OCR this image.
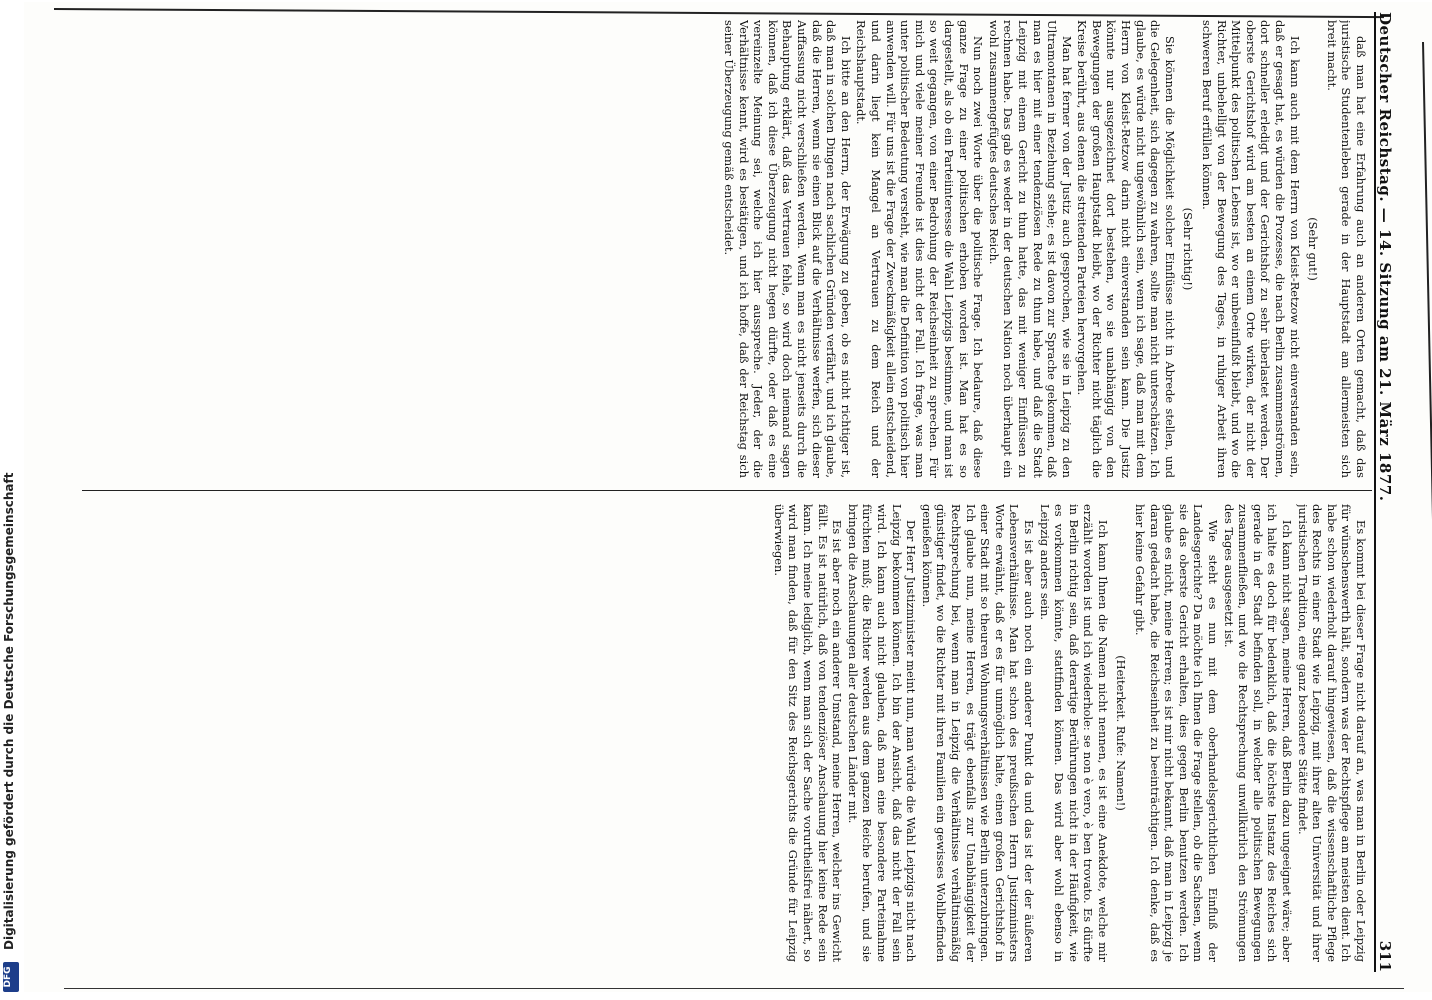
Digitalisierung gefördert durch die Deutsche Forschungsgemeinschaft
DFG
Deutscher Reichstag. — 14. Sitzung am 21. März 1877.
311

daß man hat eine Erfahrung auch an anderen Orten gemacht, daß das juristische Studentenleben gerade in der Hauptstadt am allermeisten sich breit macht.

(Sehr gut!)

Ich kann auch mit dem Herrn von Kleist-Retzow nicht einverstanden sein, daß er gesagt hat, es würden die Prozesse, die nach Berlin zusammenströmen, dort schneller erledigt und der Gerichtshof zu sehr überlastet werden. Der oberste Gerichtshof wird am besten an einem Orte wirken, der nicht der Mittelpunkt des politischen Lebens ist, wo er unbeeinflußt bleibt, und wo die Richter, unbehelligt von der Bewegung des Tages, in ruhiger Arbeit ihren schweren Beruf erfüllen können.

(Sehr richtig!)

Sie können die Möglichkeit solcher Einflüsse nicht in Abrede stellen, und die Gelegenheit, sich dagegen zu wahren, sollte man nicht unterschätzen. Ich glaube, es würde nicht ungewöhnlich sein, wenn ich sage, daß man mit dem Herrn von Kleist-Retzow darin nicht einverstanden sein kann. Die Justiz könnte nur ausgezeichnet dort bestehen, wo sie unabhängig von den Bewegungen der großen Hauptstadt bleibt, wo der Richter nicht täglich die Kreise berührt, aus denen die streitenden Parteien hervorgehen.

Man hat ferner von der Justiz auch gesprochen, wie sie in Leipzig zu den Ultramontanen in Beziehung stehe; es ist davon zur Sprache gekommen, daß man es hier mit einer tendenziösen Rede zu thun habe, und daß die Stadt Leipzig mit einem Gericht zu thun hatte, das mit weniger Einflüssen zu rechnen habe. Das gab es weder in der deutschen Nation noch überhaupt ein wohl zusammengefügtes deutsches Reich.

Nun noch zwei Worte über die politische Frage. Ich bedaure, daß diese ganze Frage zu einer politischen erhoben worden ist. Man hat es so dargestellt, als ob ein Parteiinteresse die Wahl Leipzigs bestimme, und man ist so weit gegangen, von einer Bedrohung der Reichseinheit zu sprechen. Für mich und viele meiner Freunde ist dies nicht der Fall. Ich frage, was man unter politischer Bedeutung versteht, wie man die Definition von politisch hier anwenden will. Für uns ist die Frage der Zweckmäßigkeit allein entscheidend, und darin liegt kein Mangel an Vertrauen zu dem Reich und der Reichshauptstadt.

Ich bitte an den Herrn, der Erwägung zu geben, ob es nicht richtiger ist, daß man in solchen Dingen nach sachlichen Gründen verfährt, und ich glaube, daß die Herren, wenn sie einen Blick auf die Verhältnisse werfen, sich dieser Auffassung nicht verschließen werden. Wenn man es nicht jenseits durch die Behauptung erklärt, daß das Vertrauen fehle, so wird doch niemand sagen können, daß ich diese Überzeugung nicht hegen dürfte, oder daß es eine vereinzelte Meinung sei, welche ich hier ausspreche. Jeder, der die Verhältnisse kennt, wird es bestätigen, und ich hoffe, daß der Reichstag sich seiner Überzeugung gemäß entscheidet.

Es kommt bei dieser Frage nicht darauf an, was man in Berlin oder Leipzig für wünschenswerth hält, sondern was der Rechtspflege am meisten dient. Ich habe schon wiederholt darauf hingewiesen, daß die wissenschaftliche Pflege des Rechts in einer Stadt wie Leipzig, mit ihrer alten Universität und ihrer juristischen Tradition, eine ganz besondere Stätte findet.

Ich kann nicht sagen, meine Herren, daß Berlin dazu ungeeignet wäre; aber ich halte es doch für bedenklich, daß die höchste Instanz des Reiches sich gerade in der Stadt befinden soll, in welcher alle politischen Bewegungen zusammenfließen, und wo die Rechtsprechung unwillkürlich den Strömungen des Tages ausgesetzt ist.

Wie steht es nun mit dem oberhandelsgerichtlichen Einfluß der Landesgerichte? Da möchte ich Ihnen die Frage stellen, ob die Sachsen, wenn sie das oberste Gericht erhalten, dies gegen Berlin benutzen werden. Ich glaube es nicht, meine Herren; es ist mir nicht bekannt, daß man in Leipzig je daran gedacht habe, die Reichseinheit zu beeinträchtigen. Ich denke, daß es hier keine Gefahr gibt.

(Heiterkeit. Rufe: Namen!)

Ich kann Ihnen die Namen nicht nennen, es ist eine Anekdote, welche mir erzählt worden ist und ich wiederhole: se non è vero, è ben trovato. Es dürfte in Berlin richtig sein, daß derartige Berührungen nicht in der Häufigkeit, wie es vorkommen könnte, stattfinden können. Das wird aber wohl ebenso in Leipzig anders sein.

Es ist aber auch noch ein anderer Punkt da und das ist der der äußeren Lebensverhältnisse. Man hat schon des preußischen Herrn Justizministers Worte erwähnt, daß er es für unmöglich halte, einen großen Gerichtshof in einer Stadt mit so theuren Wohnungsverhältnissen wie Berlin unterzubringen. Ich glaube nun, meine Herren, es trägt ebenfalls zur Unabhängigkeit der Rechtsprechung bei, wenn man in Leipzig die Verhältnisse verhältnismäßig günstiger findet, wo die Richter mit ihren Familien ein gewisses Wohlbefinden genießen können.

Der Herr Justizminister meint nun, man würde die Wahl Leipzigs nicht nach Leipzig bekommen können. Ich bin der Ansicht, daß das nicht der Fall sein wird. Ich kann auch nicht glauben, daß man eine besondere Parteinahme fürchten muß; die Richter werden aus dem ganzen Reiche berufen, und sie bringen die Anschauungen aller deutschen Länder mit.

Es ist aber noch ein anderer Umstand, meine Herren, welcher ins Gewicht fällt. Es ist natürlich, daß von tendenziöser Anschauung hier keine Rede sein kann. Ich meine lediglich, wenn man sich der Sache vorurtheilsfrei nähert, so wird man finden, daß für den Sitz des Reichsgerichts die Gründe für Leipzig überwiegen.
